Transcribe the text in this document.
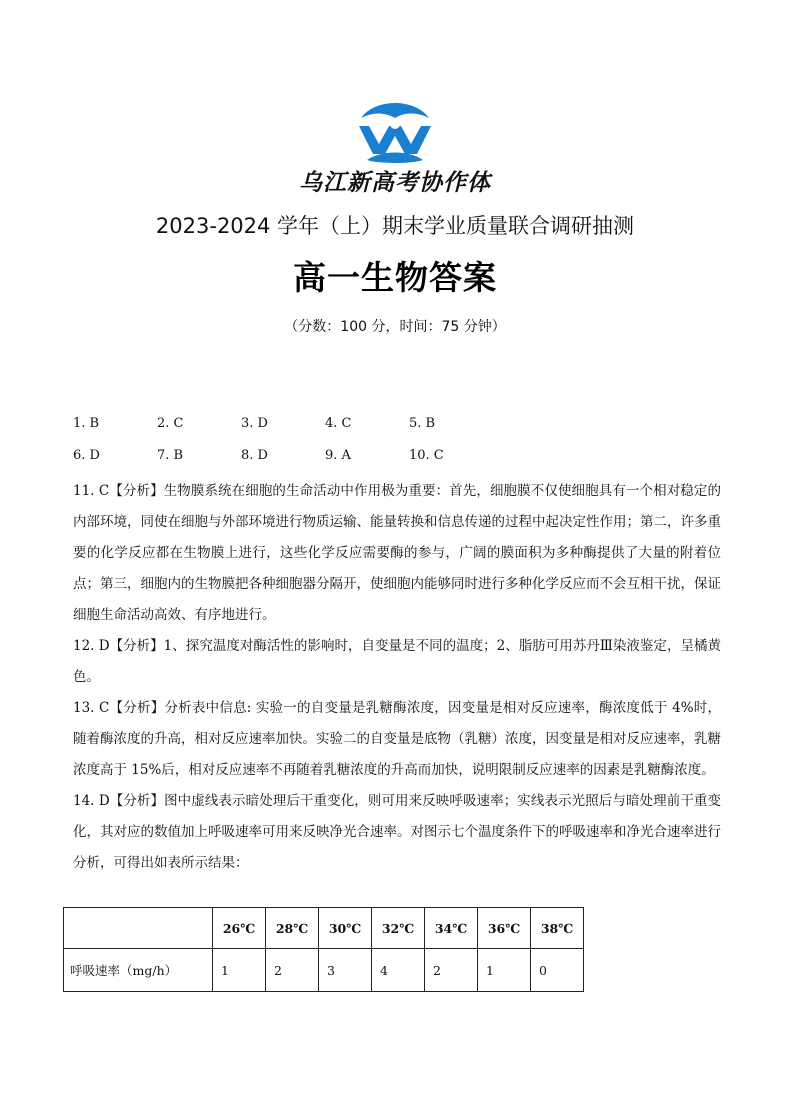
乌江新高考协作体
2023-2024 学年（上）期末学业质量联合调研抽测
高一生物答案
（分数：100 分，时间：75 分钟）
1. B	2. C	3. D	4. C	5. B
6. D	7. B	8. D	9. A	10. C

11. C【分析】生物膜系统在细胞的生命活动中作用极为重要：首先，细胞膜不仅使细胞具有一个相对稳定的内部环境，同使在细胞与外部环境进行物质运输、能量转换和信息传递的过程中起决定性作用；第二，许多重要的化学反应都在生物膜上进行，这些化学反应需要酶的参与，广阔的膜面积为多种酶提供了大量的附着位点；第三，细胞内的生物膜把各种细胞器分隔开，使细胞内能够同时进行多种化学反应而不会互相干扰，保证细胞生命活动高效、有序地进行。

12. D【分析】1、探究温度对酶活性的影响时，自变量是不同的温度；2、脂肪可用苏丹Ⅲ染液鉴定，呈橘黄色。

13. C【分析】分析表中信息: 实验一的自变量是乳糖酶浓度，因变量是相对反应速率，酶浓度低于 4%时，随着酶浓度的升高，相对反应速率加快。实验二的自变量是底物（乳糖）浓度，因变量是相对反应速率，乳糖浓度高于 15%后，相对反应速率不再随着乳糖浓度的升高而加快，说明限制反应速率的因素是乳糖酶浓度。

14. D【分析】图中虚线表示暗处理后干重变化，则可用来反映呼吸速率；实线表示光照后与暗处理前干重变化，其对应的数值加上呼吸速率可用来反映净光合速率。对图示七个温度条件下的呼吸速率和净光合速率进行分析，可得出如表所示结果：

	26℃	28℃	30℃	32℃	34℃	36℃	38℃
呼吸速率（mg/h）	1	2	3	4	2	1	0
